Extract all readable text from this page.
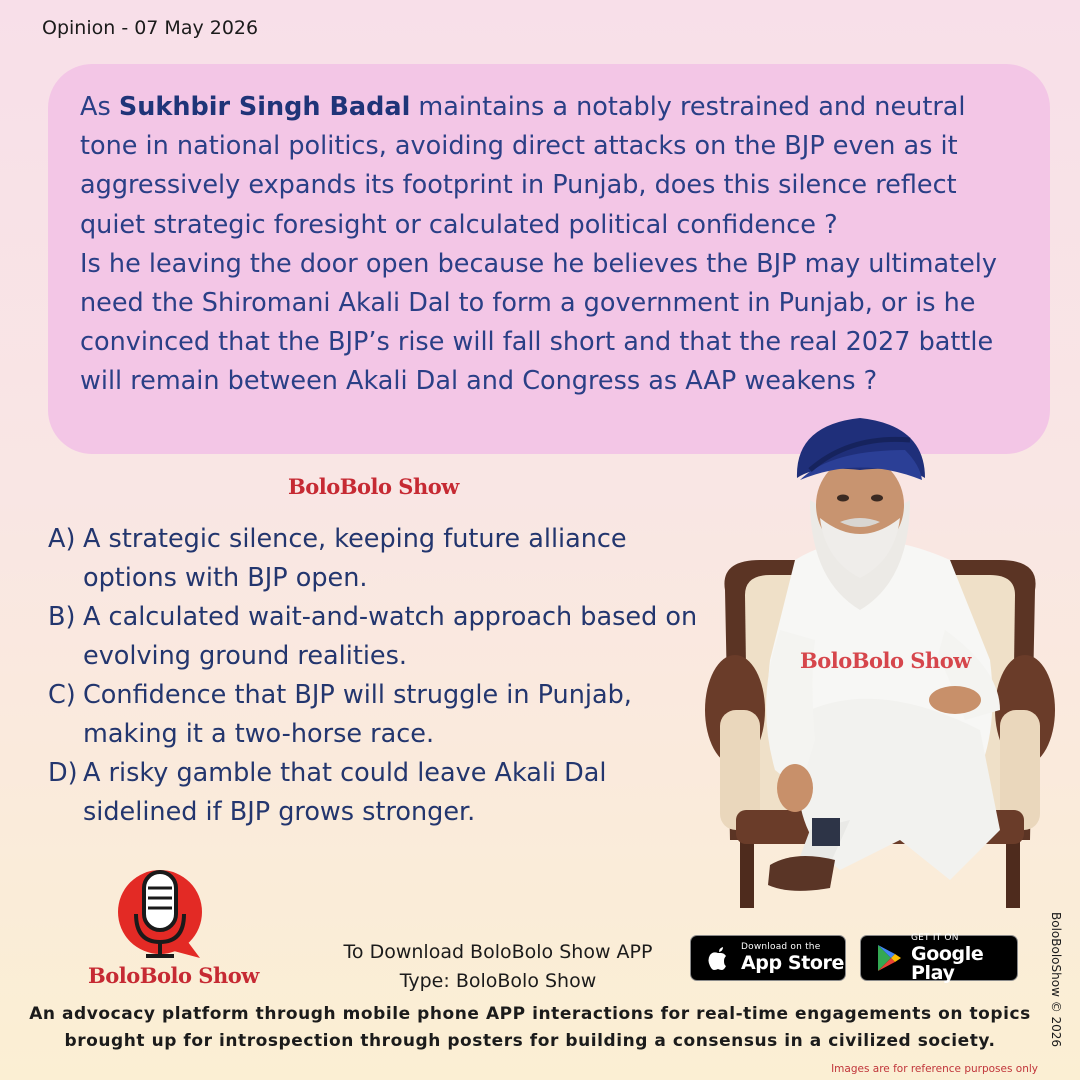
Opinion - 07 May 2026

As Sukhbir Singh Badal maintains a notably restrained and neutral tone in national politics, avoiding direct attacks on the BJP even as it aggressively expands its footprint in Punjab, does this silence reflect quiet strategic foresight or calculated political confidence ?
Is he leaving the door open because he believes the BJP may ultimately need the Shiromani Akali Dal to form a government in Punjab, or is he convinced that the BJP’s rise will fall short and that the real 2027 battle will remain between Akali Dal and Congress as AAP weakens ?

BoloBolo Show
A) A strategic silence, keeping future alliance options with BJP open.
B) A calculated wait-and-watch approach based on evolving ground realities.
C) Confidence that BJP will struggle in Punjab, making it a two-horse race.
D) A risky gamble that could leave Akali Dal sidelined if BJP grows stronger.
BoloBolo Show
BoloBolo Show
To Download BoloBolo Show APP
Type: BoloBolo Show
Download on the
App Store
GET IT ON
Google Play
An advocacy platform through mobile phone APP interactions for real-time engagements on topics
brought up for introspection through posters for building a consensus in a civilized society.	BoloBoloShow © 2026
Images are for reference purposes only
